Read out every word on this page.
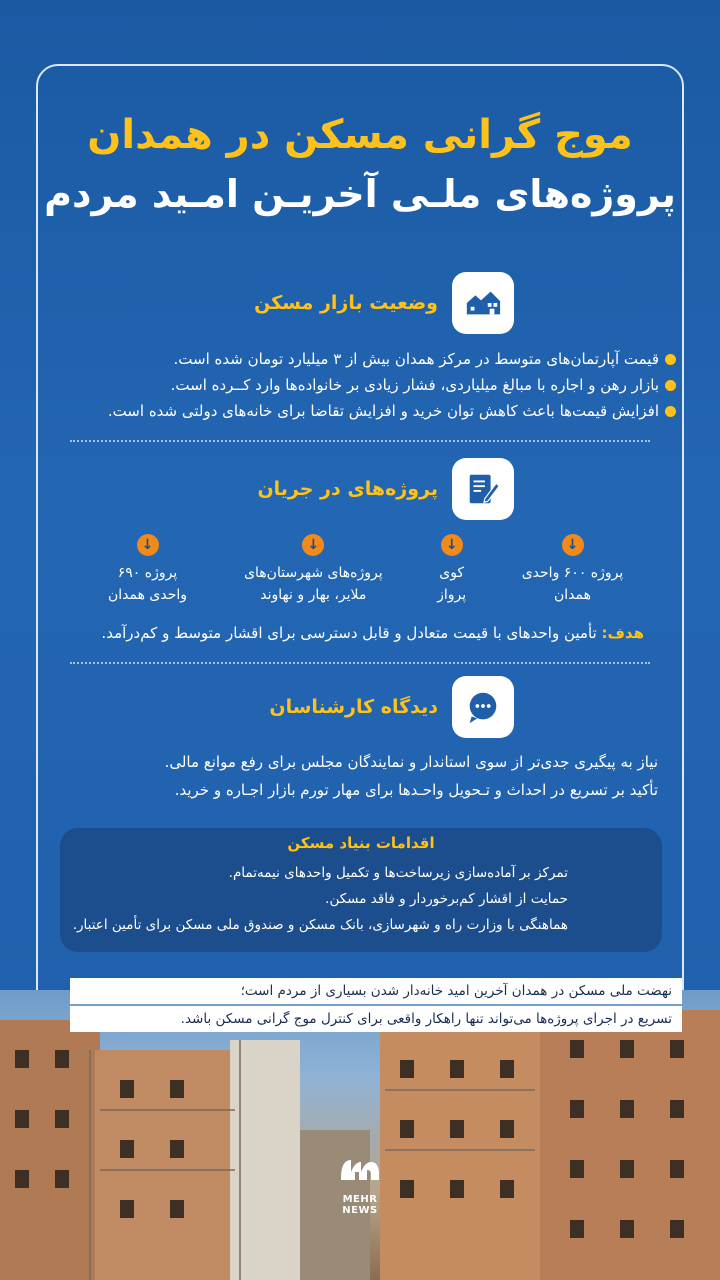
موج گرانی مسکن در همدان
پروژه‌های ملـی آخریـن امـید مردم
وضعیت بازار مسکن
قیمت آپارتمان‌های متوسط در مرکز همدان بیش از ۳ میلیارد تومان شده است.
بازار رهن و اجاره با مبالغ میلیاردی، فشار زیادی بر خانواده‌ها وارد کــرده است.
افزایش قیمت‌ها باعث کاهش توان خرید و افزایش تقاضا برای خانه‌های دولتی شده است.
پروژه‌های در جریان
↓
پروژه ۶۰۰ واحدی
همدان
↓
کوی
پرواز
↓
پروژه‌های شهرستان‌های
ملایر، بهار و نهاوند
↓
پروژه ۶۹۰
واحدی همدان
هدف: تأمین واحدهای با قیمت متعادل و قابل دسترسی برای اقشار متوسط و کم‌درآمد.
دیدگاه کارشناسان
نیاز به پیگیری جدی‌تر از سوی استاندار و نمایندگان مجلس برای رفع موانع مالی.
تأکید بر تسریع در احداث و تـحویل واحـدها برای مهار تورم بازار اجـاره و خرید.
اقدامات بنیاد مسکن
تمرکز بر آماده‌سازی زیرساخت‌ها و تکمیل واحدهای نیمه‌تمام.
حمایت از اقشار کم‌برخوردار و فاقد مسکن.
هماهنگی با وزارت راه و شهرسازی، بانک مسکن و صندوق ملی مسکن برای تأمین اعتبار.
نهضت ملی مسکن در همدان آخرین امید خانه‌دار شدن بسیاری از مردم است؛
تسریع در اجرای پروژه‌ها می‌تواند تنها راهکار واقعی برای کنترل موج گرانی مسکن باشد.
MEHR
NEWS
